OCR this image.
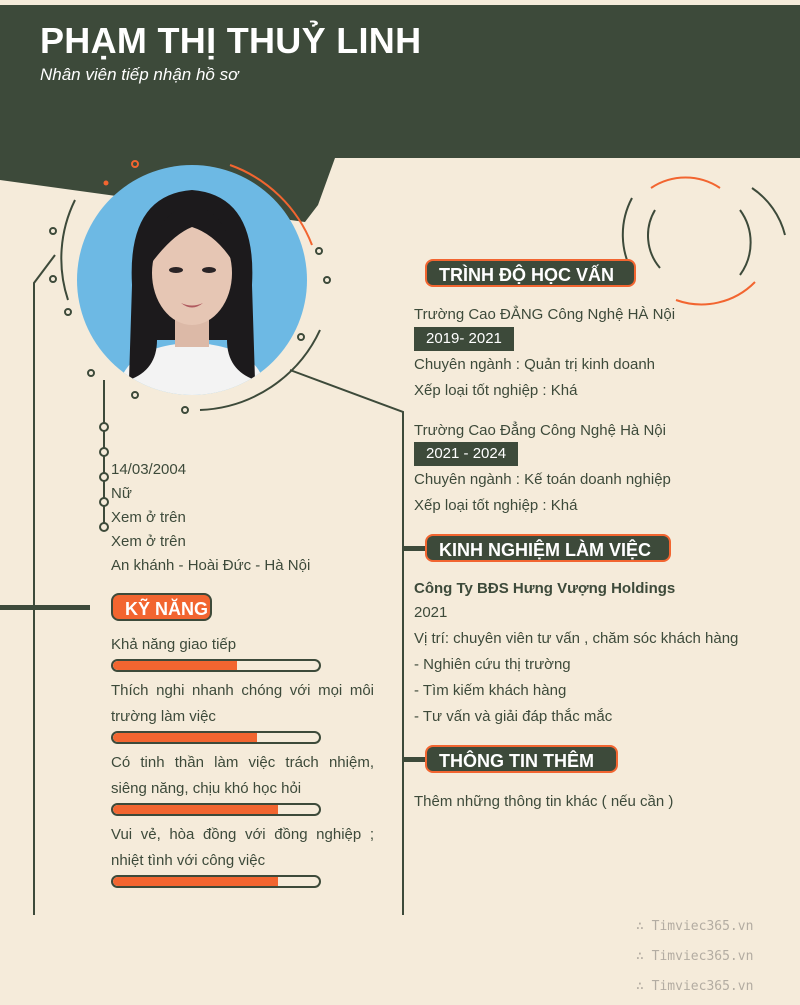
PHẠM THỊ THUỶ LINH

Nhân viên tiếp nhận hồ sơ

14/03/2004
Nữ
Xem ở trên
Xem ở trên
An khánh - Hoài Đức - Hà Nội
KỸ NĂNG
Khả năng giao tiếp
Thích nghi nhanh chóng với mọi môi trường làm việc
Có tinh thần làm việc trách nhiệm, siêng năng, chịu khó học hỏi
Vui vẻ, hòa đồng với đồng nghiệp ; nhiệt tình với công việc
TRÌNH ĐỘ HỌC VẤN
Trường Cao ĐẲNG Công Nghệ HÀ Nội
2019- 2021
Chuyên ngành : Quản trị kinh doanh
Xếp loại tốt nghiệp : Khá
Trường Cao Đẳng Công Nghệ Hà Nội
2021 - 2024
Chuyên ngành : Kế toán doanh nghiệp
Xếp loại tốt nghiệp : Khá
KINH NGHIỆM LÀM VIỆC
Công Ty BĐS Hưng Vượng Holdings
2021
Vị trí: chuyên viên tư vấn , chăm sóc khách hàng
- Nghiên cứu thị trường
- Tìm kiếm khách hàng
- Tư vấn và giải đáp thắc mắc
THÔNG TIN THÊM
Thêm những thông tin khác ( nếu cần )
∴ Timviec365.vn
∴ Timviec365.vn
∴ Timviec365.vn
